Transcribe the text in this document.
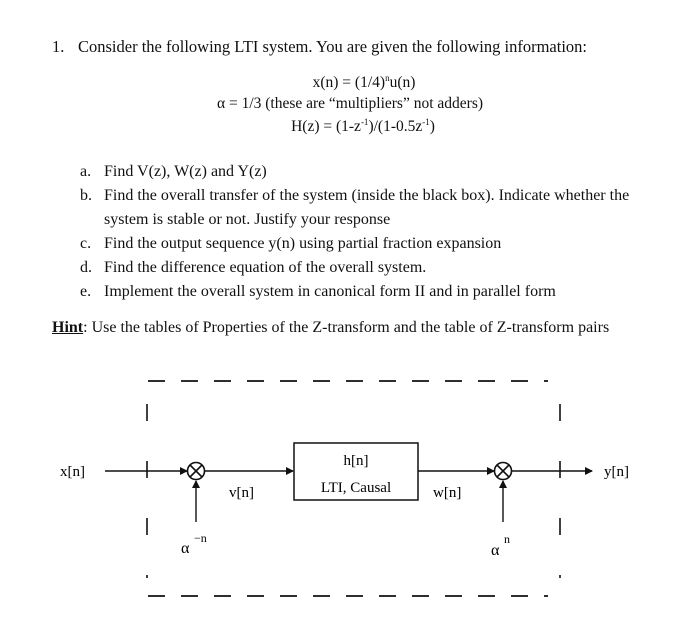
1. Consider the following LTI system. You are given the following information:
$x(n) = (1/4)^nu(n)$
α = 1/3 (these are “multipliers” not adders)
$H(z) = (1-z^{-1})/(1-0.5z^{-1})$
a. Find V(z), W(z) and Y(z)
b. Find the overall transfer of the system (inside the black box). Indicate whether the system is stable or not. Justify your response
c. Find the output sequence y(n) using partial fraction expansion
d. Find the difference equation of the overall system.
e. Implement the overall system in canonical form II and in parallel form
Hint: Use the tables of Properties of the Z-transform and the table of Z-transform pairs
h[n]
LTI, Causal
x[n]	y[n]
v[n]	w[n]
α
−n
α
n
